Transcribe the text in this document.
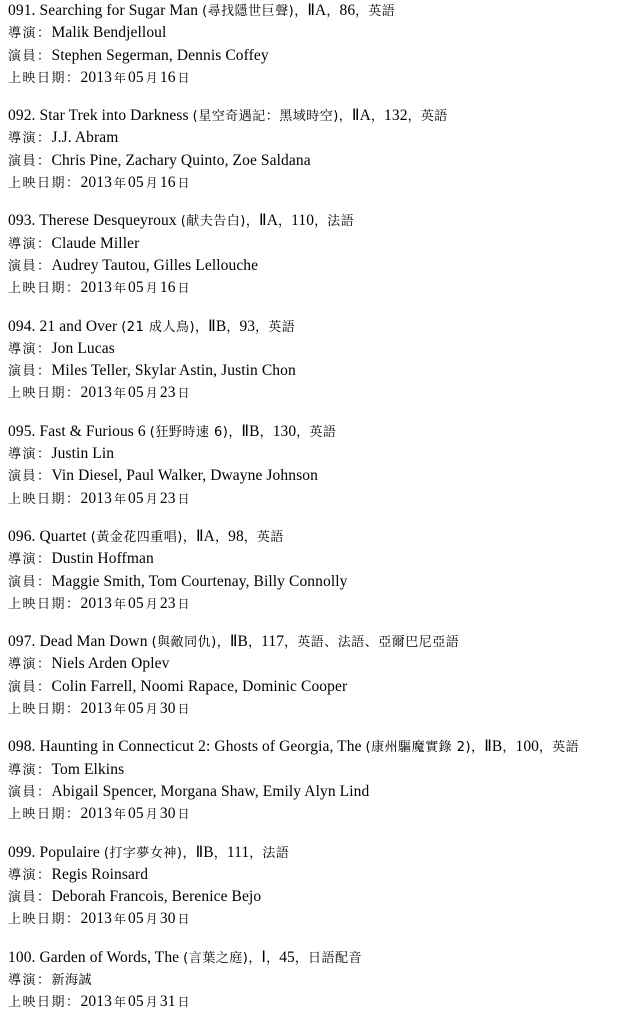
091. Searching for Sugar Man (尋找隱世巨聲)，ⅡA，86，英語
導演：Malik Bendjelloul
演員：Stephen Segerman, Dennis Coffey
上映日期：2013 年 05 月 16 日
092. Star Trek into Darkness (星空奇遇記：黑域時空)，ⅡA，132，英語
導演：J.J. Abram
演員：Chris Pine, Zachary Quinto, Zoe Saldana
上映日期：2013 年 05 月 16 日
093. Therese Desqueyroux (献夫告白)，ⅡA，110，法語
導演：Claude Miller
演員：Audrey Tautou, Gilles Lellouche
上映日期：2013 年 05 月 16 日
094. 21 and Over (21 成人鳥)，ⅡB，93，英語
導演：Jon Lucas
演員：Miles Teller, Skylar Astin, Justin Chon
上映日期：2013 年 05 月 23 日
095. Fast & Furious 6 (狂野時速 6)，ⅡB，130，英語
導演：Justin Lin
演員：Vin Diesel, Paul Walker, Dwayne Johnson
上映日期：2013 年 05 月 23 日
096. Quartet (黃金花四重唱)，ⅡA，98，英語
導演：Dustin Hoffman
演員：Maggie Smith, Tom Courtenay, Billy Connolly
上映日期：2013 年 05 月 23 日
097. Dead Man Down (與敵同仇)，ⅡB，117，英語、法語、亞爾巴尼亞語
導演：Niels Arden Oplev
演員：Colin Farrell, Noomi Rapace, Dominic Cooper
上映日期：2013 年 05 月 30 日
098. Haunting in Connecticut 2: Ghosts of Georgia, The (康州驅魔實錄 2)，ⅡB，100，英語
導演：Tom Elkins
演員：Abigail Spencer, Morgana Shaw, Emily Alyn Lind
上映日期：2013 年 05 月 30 日
099. Populaire (打字夢女神)，ⅡB，111，法語
導演：Regis Roinsard
演員：Deborah Francois, Berenice Bejo
上映日期：2013 年 05 月 30 日
100. Garden of Words, The (言葉之庭)，Ⅰ，45，日語配音
導演：新海誠
上映日期：2013 年 05 月 31 日
